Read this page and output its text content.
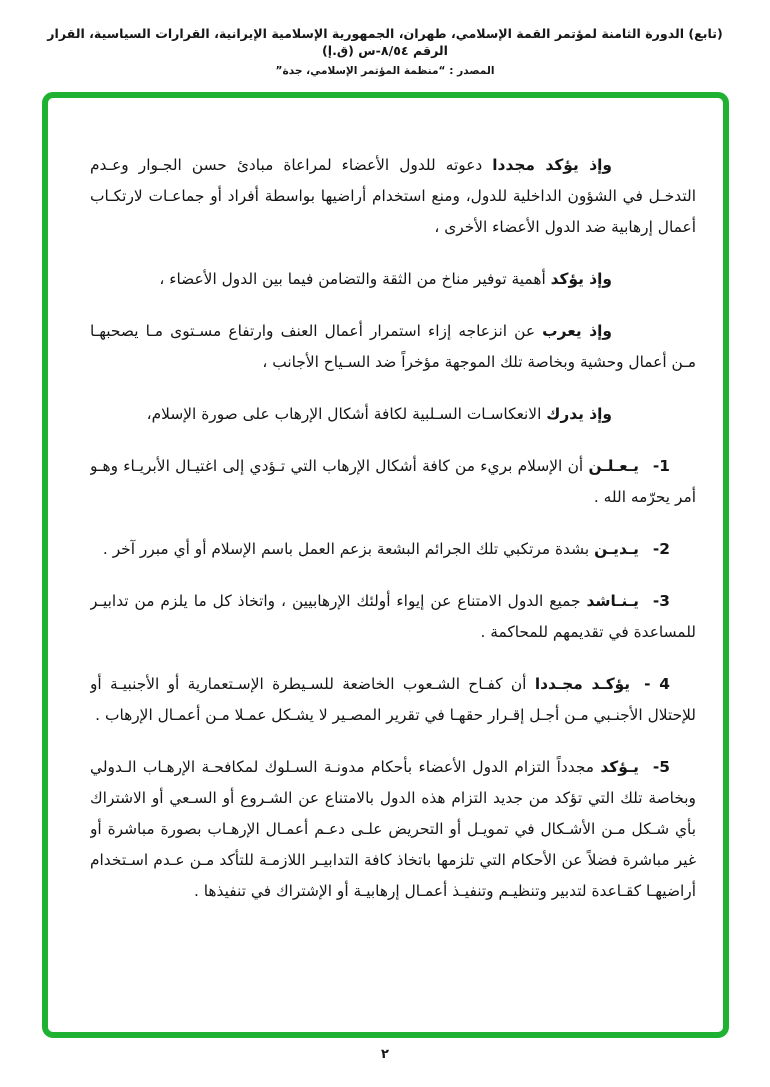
(تابع) الدورة الثامنة لمؤتمر القمة الإسلامي، طهران، الجمهورية الإسلامية الإيرانية، القرارات السياسية، القرار الرقم ٨/٥٤-س (ق.إ)
المصدر : “منظمة المؤتمر الإسلامي، جدة”

وإذ يؤكد مجددا دعوته للدول الأعضاء لمراعاة مبادئ حسن الجـوار وعـدم التدخـل في الشؤون الداخلية للدول، ومنع استخدام أراضيها بواسطة أفراد أو جماعـات لارتكـاب أعمال إرهابية ضد الدول الأعضاء الأخرى ،

وإذ يؤكد أهمية توفير مناخ من الثقة والتضامن فيما بين الدول الأعضاء ،

وإذ يعرب عن انزعاجه إزاء استمرار أعمال العنف وارتفاع مسـتوى مـا يصحبهـا مـن أعمال وحشية وبخاصة تلك الموجهة مؤخراً ضد السـياح الأجانب ،

وإذ يدرك الانعكاسـات السـلبية لكافة أشكال الإرهاب على صورة الإسلام،

1-يـعـلـن أن الإسلام بريء من كافة أشكال الإرهاب التي تـؤدي إلى اغتيـال الأبريـاء وهـو أمر يحرّمه الله .

2-يـديـن بشدة مرتكبي تلك الجرائم البشعة بزعم العمل باسم الإسلام أو أي مبرر آخر .

3-يـنـاشد جميع الدول الامتناع عن إيواء أولئك الإرهابيين ، واتخاذ كل ما يلزم من تدابيـر للمساعدة في تقديمهم للمحاكمة .

4 -يؤكـد مجـددا أن كفـاح الشـعوب الخاضعة للسـيطرة الإسـتعمارية أو الأجنبيـة أو للإحتلال الأجنـبي مـن أجـل إقـرار حقهـا في تقرير المصـير لا يشـكل عمـلا مـن أعمـال الإرهاب .

5-يـؤكد مجدداً التزام الدول الأعضاء بأحكام مدونـة السـلوك لمكافحـة الإرهـاب الـدولي وبخاصة تلك التي تؤكد من جديد التزام هذه الدول بالامتناع عن الشـروع أو السـعي أو الاشتراك بأي شـكل مـن الأشـكال في تمويـل أو التحريض علـى دعـم أعمـال الإرهـاب بصورة مباشرة أو غير مباشرة فضلاً عن الأحكام التي تلزمها باتخاذ كافة التدابيـر اللازمـة للتأكد مـن عـدم اسـتخدام أراضيهـا كقـاعدة لتدبير وتنظيـم وتنفيـذ أعمـال إرهابيـة أو الإشتراك في تنفيذها .

٢
